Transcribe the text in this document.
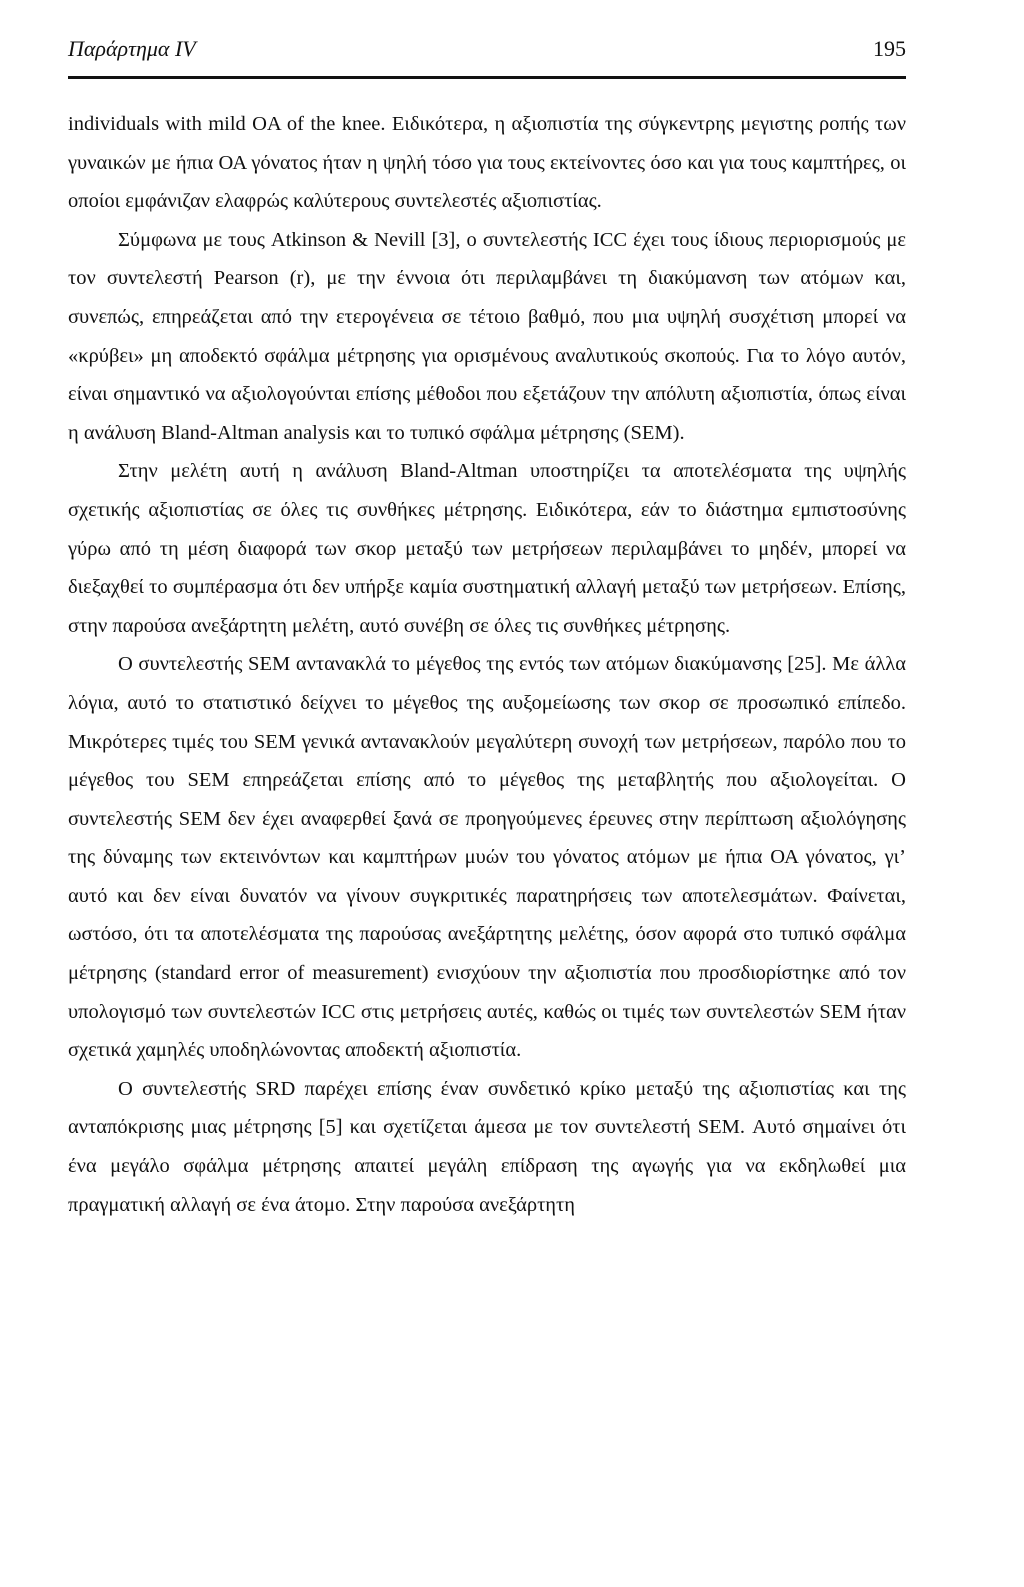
Παράρτημα IV	195

individuals with mild OA of the knee. Ειδικότερα, η αξιοπιστία της σύγκεντρης μεγιστης ροπής των γυναικών με ήπια ΟΑ γόνατος ήταν η ψηλή τόσο για τους εκτείνοντες όσο και για τους καμπτήρες, οι οποίοι εμφάνιζαν ελαφρώς καλύτερους συντελεστές αξιοπιστίας.

Σύμφωνα με τους Atkinson & Nevill [3], ο συντελεστής ICC έχει τους ίδιους περιορισμούς με τον συντελεστή Pearson (r), με την έννοια ότι περιλαμβάνει τη διακύμανση των ατόμων και, συνεπώς, επηρεάζεται από την ετερογένεια σε τέτοιο βαθμό, που μια υψηλή συσχέτιση μπορεί να «κρύβει» μη αποδεκτό σφάλμα μέτρησης για ορισμένους αναλυτικούς σκοπούς. Για το λόγο αυτόν, είναι σημαντικό να αξιολογούνται επίσης μέθοδοι που εξετάζουν την απόλυτη αξιοπιστία, όπως είναι η ανάλυση Bland-Altman analysis και το τυπικό σφάλμα μέτρησης (SEM).

Στην μελέτη αυτή η ανάλυση Bland-Altman υποστηρίζει τα αποτελέσματα της υψηλής σχετικής αξιοπιστίας σε όλες τις συνθήκες μέτρησης. Ειδικότερα, εάν το διάστημα εμπιστοσύνης γύρω από τη μέση διαφορά των σκορ μεταξύ των μετρήσεων περιλαμβάνει το μηδέν, μπορεί να διεξαχθεί το συμπέρασμα ότι δεν υπήρξε καμία συστηματική αλλαγή μεταξύ των μετρήσεων. Επίσης, στην παρούσα ανεξάρτητη μελέτη, αυτό συνέβη σε όλες τις συνθήκες μέτρησης.

Ο συντελεστής SEM αντανακλά το μέγεθος της εντός των ατόμων διακύμανσης [25]. Με άλλα λόγια, αυτό το στατιστικό δείχνει το μέγεθος της αυξομείωσης των σκορ σε προσωπικό επίπεδο. Μικρότερες τιμές του SEM γενικά αντανακλούν μεγαλύτερη συνοχή των μετρήσεων, παρόλο που το μέγεθος του SEM επηρεάζεται επίσης από το μέγεθος της μεταβλητής που αξιολογείται. Ο συντελεστής SEM δεν έχει αναφερθεί ξανά σε προηγούμενες έρευνες στην περίπτωση αξιολόγησης της δύναμης των εκτεινόντων και καμπτήρων μυών του γόνατος ατόμων με ήπια ΟΑ γόνατος, γι’ αυτό και δεν είναι δυνατόν να γίνουν συγκριτικές παρατηρήσεις των αποτελεσμάτων. Φαίνεται, ωστόσο, ότι τα αποτελέσματα της παρούσας ανεξάρτητης μελέτης, όσον αφορά στο τυπικό σφάλμα μέτρησης (standard error of measurement) ενισχύουν την αξιοπιστία που προσδιορίστηκε από τον υπολογισμό των συντελεστών ICC στις μετρήσεις αυτές, καθώς οι τιμές των συντελεστών SEM ήταν σχετικά χαμηλές υποδηλώνοντας αποδεκτή αξιοπιστία.

Ο συντελεστής SRD παρέχει επίσης έναν συνδετικό κρίκο μεταξύ της αξιοπιστίας και της ανταπόκρισης μιας μέτρησης [5] και σχετίζεται άμεσα με τον συντελεστή SEM. Αυτό σημαίνει ότι ένα μεγάλο σφάλμα μέτρησης απαιτεί μεγάλη επίδραση της αγωγής για να εκδηλωθεί μια πραγματική αλλαγή σε ένα άτομο. Στην παρούσα ανεξάρτητη
